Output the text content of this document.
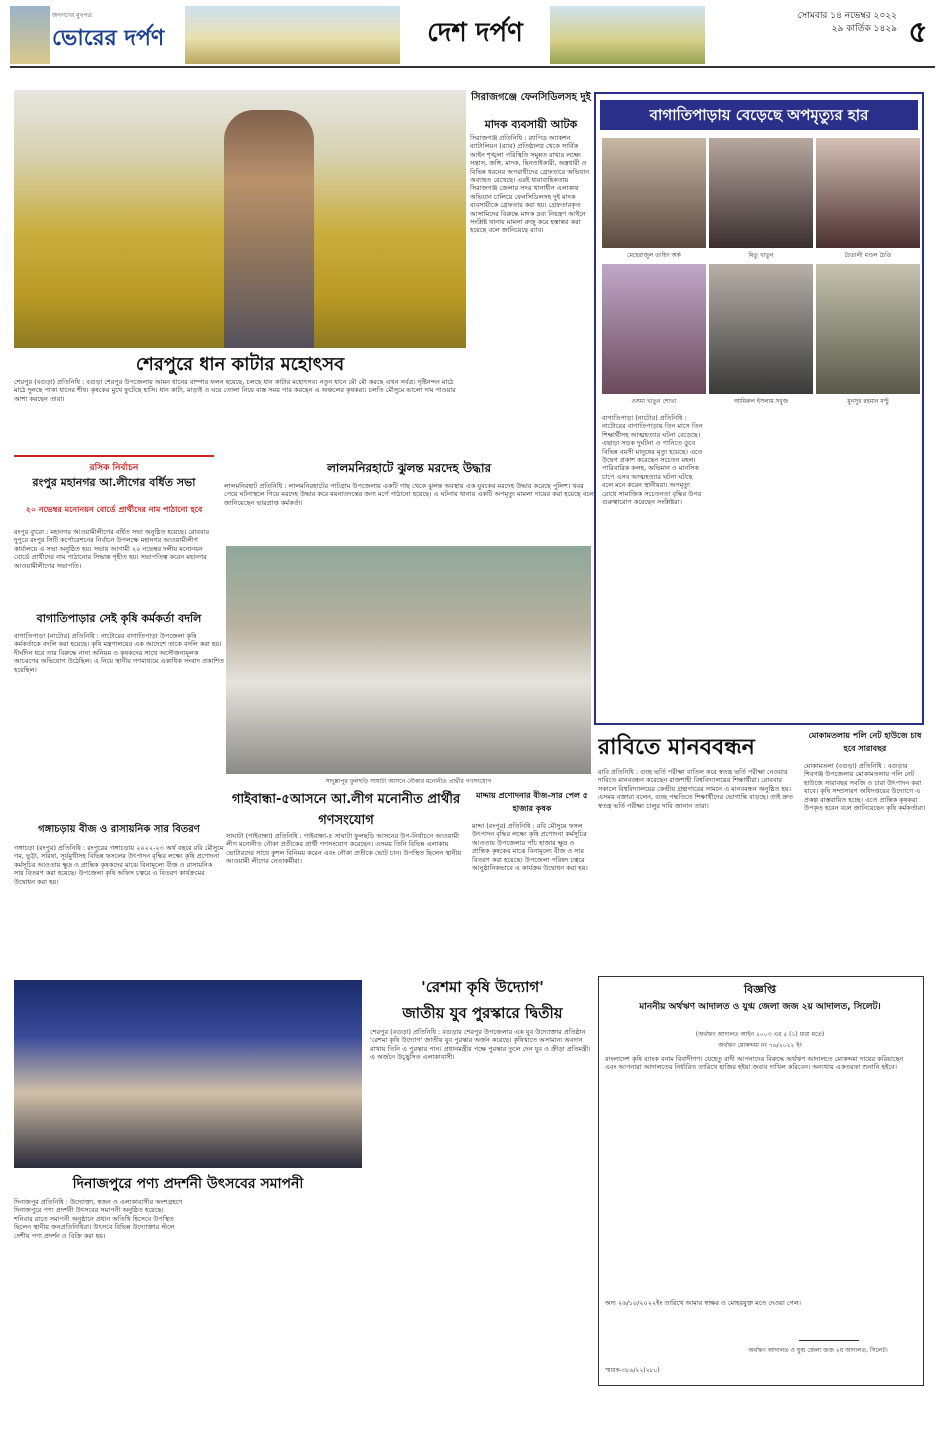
জনগণের মুখপত্র
ভোরের দর্পণ	দেশ দর্পণ
সোমবার ১৪ নভেম্বর ২০২২
২৯ কার্তিক ১৪২৯ ৫
শেরপুরে ধান কাটার মহোৎসব
শেরপুর (বগুড়া) প্রতিনিধি : বগুড়া শেরপুর উপজেলায় আমন ধানের বাম্পার ফলন হয়েছে, চলছে ধান কাটার মহোৎসব। নতুন ধানে মৌ মৌ করছে এখন সর্বত্র। দৃষ্টিনন্দন মাঠে মাঠে দুলছে পাকা ধানের শীষ। কৃষকের মুখে ফুটেছে হাসি। ধান কাটা, মাড়াই ও ঘরে তোলা নিয়ে ব্যস্ত সময় পার করছেন এ অঞ্চলের কৃষকরা। চলতি মৌসুমে ভালো দাম পাওয়ার আশা করছেন তারা।
সিরাজগঞ্জে ফেনসিডিলসহ দুই
মাদক ব্যবসায়ী আটক
সিরাজগঞ্জ প্রতিনিধি : র‍্যাপিড অ্যাকশন ব্যাটালিয়ন (র‍্যাব) প্রতিষ্ঠালগ্ন থেকে সার্বিক আইন শৃঙ্খলা পরিস্থিতি সমুন্নত রাখার লক্ষ্যে সন্ত্রাস, জঙ্গি, মাদক, ছিনতাইকারী, অস্ত্রধারী ও বিভিন্ন ধরনের অপরাধীদের গ্রেফতারে অভিযান অব্যাহত রেখেছে। এরই ধারাবাহিকতায় সিরাজগঞ্জ জেলার সদর থানাধীন এলাকায় অভিযান চালিয়ে ফেনসিডিলসহ দুই মাদক ব্যবসায়ীকে গ্রেফতার করা হয়। গ্রেফতারকৃত আসামিদের বিরুদ্ধে মাদক দ্রব্য নিয়ন্ত্রণ আইনে সংশ্লিষ্ট থানায় মামলা রুজু করে হস্তান্তর করা হয়েছে বলে জানিয়েছে র‍্যাব।
বাগাতিপাড়ায় বেড়েছে অপমৃত্যুর হার
মেহেরাজুল তাহিদ অর্ক	মিতু খাতুন	চৈতালী মণ্ডল চৈতি
ওসমা খাতুন শোভা	আমিরুল ইসলাম সবুজ	মুনসুর রহমান মণ্টু
বাগাতিপাড়া (নাটোর) প্রতিনিধি : নাটোরের বাগাতিপাড়ায় তিন মাসে তিন শিক্ষার্থীসহ আত্মহত্যার ঘটনা বেড়েছে। এছাড়া সড়ক দুর্ঘটনা ও পানিতে ডুবে বিভিন্ন বয়সী মানুষের মৃত্যু হয়েছে। এতে উদ্বেগ প্রকাশ করেছেন সচেতন মহল। পারিবারিক কলহ, অভিমান ও মানসিক চাপে এসব আত্মহত্যার ঘটনা ঘটছে বলে মনে করেন স্থানীয়রা। অপমৃত্যু রোধে সামাজিক সচেতনতা বৃদ্ধির উপর গুরুত্বারোপ করেছেন সংশ্লিষ্টরা।
রসিক নির্বাচন
রংপুর মহানগর আ.লীগের বর্ধিত সভা
২০ নভেম্বর মনোনয়ন বোর্ডে প্রার্থীদের নাম পাঠানো হবে
রংপুর ব্যুরো : মহানগর আওয়ামীলীগের বর্ধিত সভা অনুষ্ঠিত হয়েছে। রোববার দুপুরে রংপুর সিটি কর্পোরেশনের নির্বাচন উপলক্ষে মহানগর আওয়ামীলীগ কার্যালয়ে এ সভা অনুষ্ঠিত হয়। সভায় আগামী ২০ নভেম্বর দলীয় মনোনয়ন বোর্ডে প্রার্থীদের নাম পাঠানোর সিদ্ধান্ত গৃহীত হয়। সভাপতিত্ব করেন মহানগর আওয়ামীলীগের সভাপতি।
লালমনিরহাটে ঝুলন্ত মরদেহ উদ্ধার
লালমনিরহাট প্রতিনিধি : লালমনিরহাটের পাটগ্রাম উপজেলায় একটি গাছ থেকে ঝুলন্ত অবস্থায় এক যুবকের মরদেহ উদ্ধার করেছে পুলিশ। খবর পেয়ে ঘটনাস্থলে গিয়ে মরদেহ উদ্ধার করে ময়নাতদন্তের জন্য মর্গে পাঠানো হয়েছে। এ ঘটনায় থানায় একটি অপমৃত্যু মামলা দায়ের করা হয়েছে বলে জানিয়েছেন ভারপ্রাপ্ত কর্মকর্তা।
বাগাতিপাড়ার সেই কৃষি কর্মকর্তা বদলি
বাগাতিপাড়া (নাটোর) প্রতিনিধি : নাটোরের বাগাতিপাড়া উপজেলা কৃষি কর্মকর্তাকে বদলি করা হয়েছে। কৃষি মন্ত্রণালয়ের এক আদেশে তাকে বদলি করা হয়। দীর্ঘদিন ধরে তার বিরুদ্ধে নানা অনিয়ম ও কৃষকদের সাথে অসৌজন্যমূলক আচরণের অভিযোগ উঠেছিল। এ নিয়ে স্থানীয় গণমাধ্যমে একাধিক সংবাদ প্রকাশিত হয়েছিল।
সাদুল্লাপুর ফুলছড়ি সাঘাটা আসনে নৌকার মনোনীত প্রার্থীর গণসংযোগ
গাইবান্ধা-৫আসনে আ.লীগ মনোনীত প্রার্থীর গণসংযোগ
সাঘাটা (গাইবান্ধা) প্রতিনিধি : গাইবান্ধা-৫ সাঘাটা ফুলছড়ি আসনের উপ-নির্বাচনে আওয়ামী লীগ মনোনীত নৌকা প্রতীকের প্রার্থী গণসংযোগ করেছেন। এসময় তিনি বিভিন্ন এলাকায় ভোটারদের সাথে কুশল বিনিময় করেন এবং নৌকা প্রতীকে ভোট চান। উপস্থিত ছিলেন স্থানীয় আওয়ামী লীগের নেতাকর্মীরা।
মাদ্দায় প্রণোদনার বীজ-সার পেল ৫ হাজার কৃষক
মাদ্দা (রংপুর) প্রতিনিধি : রবি মৌসুমে ফসল উৎপাদন বৃদ্ধির লক্ষ্যে কৃষি প্রণোদনা কর্মসূচির আওতায় উপজেলার পাঁচ হাজার ক্ষুদ্র ও প্রান্তিক কৃষকের মাঝে বিনামূল্যে বীজ ও সার বিতরণ করা হয়েছে। উপজেলা পরিষদ চত্বরে আনুষ্ঠানিকভাবে এ কার্যক্রম উদ্বোধন করা হয়।
গঙ্গাচড়ায় বীজ ও রাসায়নিক সার বিতরণ
গঙ্গাচড়া (রংপুর) প্রতিনিধি : রংপুরের গঙ্গাচড়ায় ২০২২-২৩ অর্থ বছরে রবি মৌসুমে গম, ভুট্টা, সরিষা, সূর্যমুখীসহ বিভিন্ন ফসলের উৎপাদন বৃদ্ধির লক্ষ্যে কৃষি প্রণোদনা কর্মসূচির আওতায় ক্ষুদ্র ও প্রান্তিক কৃষকদের মাঝে বিনামূল্যে বীজ ও রাসায়নিক সার বিতরণ করা হয়েছে। উপজেলা কৃষি অফিস চত্বরে এ বিতরণ কার্যক্রমের উদ্বোধন করা হয়।
রাবিতে মানববন্ধন
রাবি প্রতিনিধি : গুচ্ছ ভর্তি পরীক্ষা বাতিল করে স্বতন্ত্র ভর্তি পরীক্ষা নেওয়ার দাবিতে মানববন্ধন করেছেন রাজশাহী বিশ্ববিদ্যালয়ের শিক্ষার্থীরা। রোববার সকালে বিশ্ববিদ্যালয়ের কেন্দ্রীয় গ্রন্থাগারের সামনে এ মানববন্ধন অনুষ্ঠিত হয়। এসময় বক্তারা বলেন, গুচ্ছ পদ্ধতিতে শিক্ষার্থীদের ভোগান্তি বাড়ছে। তাই দ্রুত স্বতন্ত্র ভর্তি পরীক্ষা চালুর দাবি জানান তারা।
মোকামতলায় পলি নেট হাউজে চাষ হবে সারাবছর
মোকামতলা (বগুড়া) প্রতিনিধি : বগুড়ার শিবগঞ্জ উপজেলার মোকামতলায় পলি নেট হাউজে সারাবছর সবজি ও চারা উৎপাদন করা যাবে। কৃষি সম্প্রসারণ অধিদপ্তরের উদ্যোগে এ প্রকল্প বাস্তবায়িত হচ্ছে। এতে প্রান্তিক কৃষকরা উপকৃত হবেন বলে জানিয়েছেন কৃষি কর্মকর্তারা।
'রেশমা কৃষি উদ্যোগ'
জাতীয় যুব পুরস্কারে দ্বিতীয়
শেরপুর (বগুড়া) প্রতিনিধি : বগুড়ার শেরপুর উপজেলার এক যুব উদ্যোক্তার প্রতিষ্ঠান 'রেশমা কৃষি উদ্যোগ' জাতীয় যুব পুরস্কার অর্জন করেছে। কৃষিখাতে অসামান্য অবদান রাখায় তিনি এ পুরস্কার পান। প্রধানমন্ত্রীর পক্ষে পুরস্কার তুলে দেন যুব ও ক্রীড়া প্রতিমন্ত্রী। এ অর্জনে উচ্ছ্বসিত এলাকাবাসী।
দিনাজপুরে পণ্য প্রদর্শনী উৎসবের সমাপনী
দিনাজপুর প্রতিনিধি : উদ্যোক্তা, স্বজন ও এলাকাবাসীর অংশগ্রহণে দিনাজপুরে পণ্য প্রদর্শনী উৎসবের সমাপনী অনুষ্ঠিত হয়েছে। শনিবার রাতে সমাপনী অনুষ্ঠানে প্রধান অতিথি হিসেবে উপস্থিত ছিলেন স্থানীয় জনপ্রতিনিধিরা। উৎসবে বিভিন্ন উদ্যোক্তার স্টলে দেশীয় পণ্য প্রদর্শন ও বিক্রি করা হয়।
বিজ্ঞপ্তি
মাননীয় অর্থঋণ আদালত ও যুগ্ম জেলা জজ ২য় আদালত, সিলেট।
(অর্থঋণ আদালত আইন ২০০৩ এর ৫ (১) ধারা মতে)
অর্থঋণ মোকদ্দমা নং ৭৬/২০২২ ইং
বাংলাদেশ কৃষি ব্যাংক বনাম বিবাদীগণ। যেহেতু বাদী আপনাদের বিরুদ্ধে অর্থঋণ আদালতে মোকদ্দমা দায়ের করিয়াছেন এবং আপনারা আদালতের নির্ধারিত তারিখে হাজির হইয়া জবাব দাখিল করিবেন। অন্যথায় একতরফা শুনানি হইবে।
অদ্য ২৬/১০/২০২২ইং তারিখে আমার স্বাক্ষর ও মোহরযুক্ত মতে দেওয়া গেল।
অর্থঋণ আদালত ও যুগ্ম জেলা জজ ২য় আদালত, সিলেট।
স্মারক-৩৮৬/২২(২৮০)
